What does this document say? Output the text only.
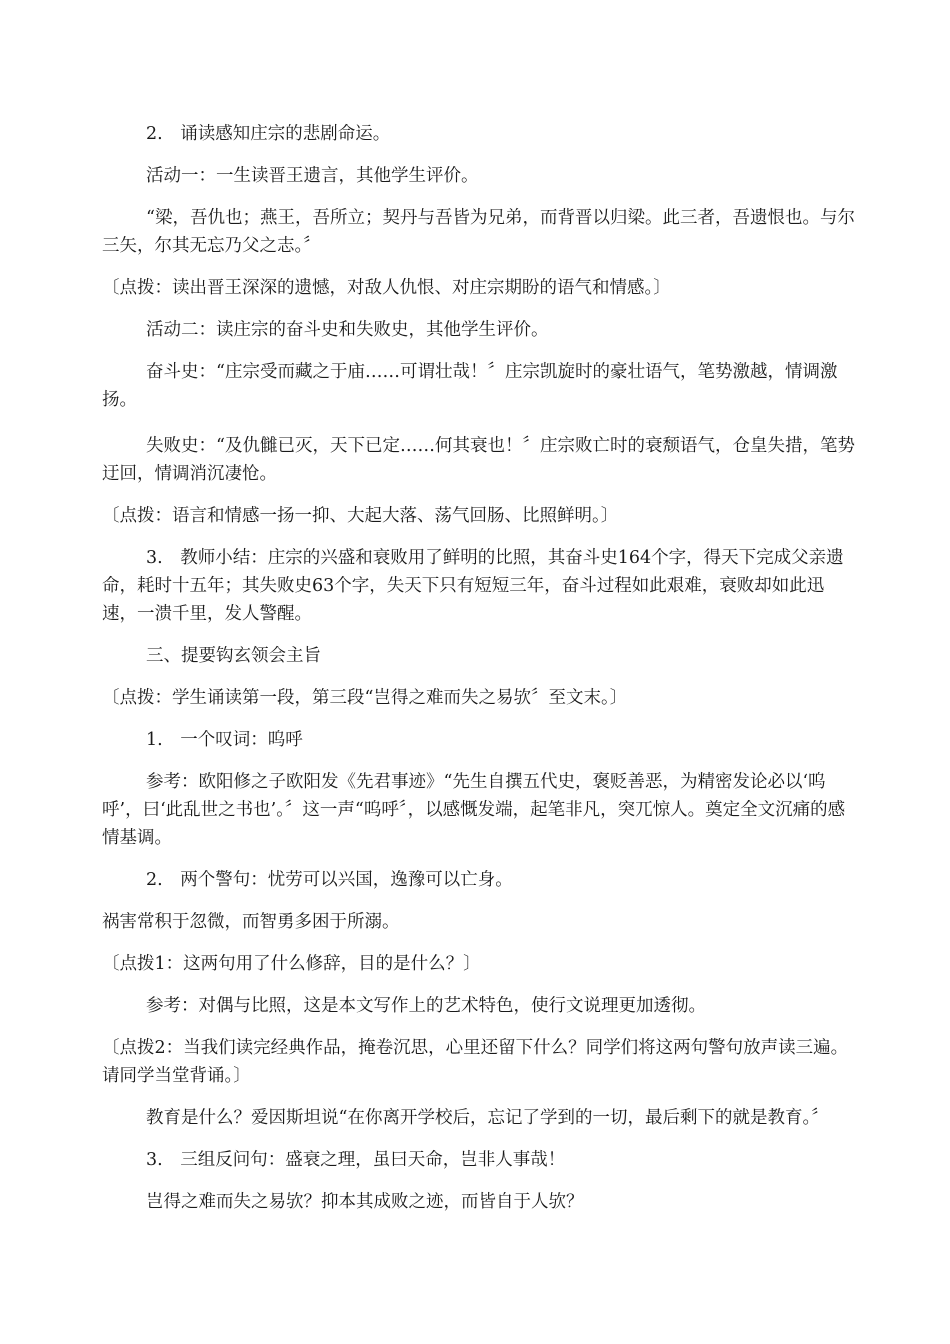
2.　诵读感知庄宗的悲剧命运。

活动一：一生读晋王遗言，其他学生评价。

“梁，吾仇也；燕王，吾所立；契丹与吾皆为兄弟，而背晋以归梁。此三者，吾遗恨也。与尔三矢，尔其无忘乃父之志。〞

〔点拨：读出晋王深深的遗憾，对敌人仇恨、对庄宗期盼的语气和情感。〕

活动二：读庄宗的奋斗史和失败史，其他学生评价。

奋斗史：“庄宗受而藏之于庙……可谓壮哉！〞庄宗凯旋时的豪壮语气，笔势激越，情调激扬。

失败史：“及仇雠已灭，天下已定……何其衰也！〞庄宗败亡时的衰颓语气，仓皇失措，笔势迂回，情调消沉凄怆。

〔点拨：语言和情感一扬一抑、大起大落、荡气回肠、比照鲜明。〕

3.　教师小结：庄宗的兴盛和衰败用了鲜明的比照，其奋斗史164个字，得天下完成父亲遗命，耗时十五年；其失败史63个字，失天下只有短短三年，奋斗过程如此艰难，衰败却如此迅速，一溃千里，发人警醒。

三、提要钩玄领会主旨

〔点拨：学生诵读第一段，第三段“岂得之难而失之易欤〞至文末。〕

1.　一个叹词：呜呼

参考：欧阳修之子欧阳发《先君事迹》“先生自撰五代史，褒贬善恶，为精密发论必以‘呜呼’，曰‘此乱世之书也’。〞这一声“呜呼〞，以感慨发端，起笔非凡，突兀惊人。奠定全文沉痛的感情基调。

2.　两个警句：忧劳可以兴国，逸豫可以亡身。

祸害常积于忽微，而智勇多困于所溺。

〔点拨1：这两句用了什么修辞，目的是什么？〕

参考：对偶与比照，这是本文写作上的艺术特色，使行文说理更加透彻。

〔点拨2：当我们读完经典作品，掩卷沉思，心里还留下什么？同学们将这两句警句放声读三遍。请同学当堂背诵。〕

教育是什么？爱因斯坦说“在你离开学校后，忘记了学到的一切，最后剩下的就是教育。〞

3.　三组反问句：盛衰之理，虽曰天命，岂非人事哉！

岂得之难而失之易欤？抑本其成败之迹，而皆自于人欤？
